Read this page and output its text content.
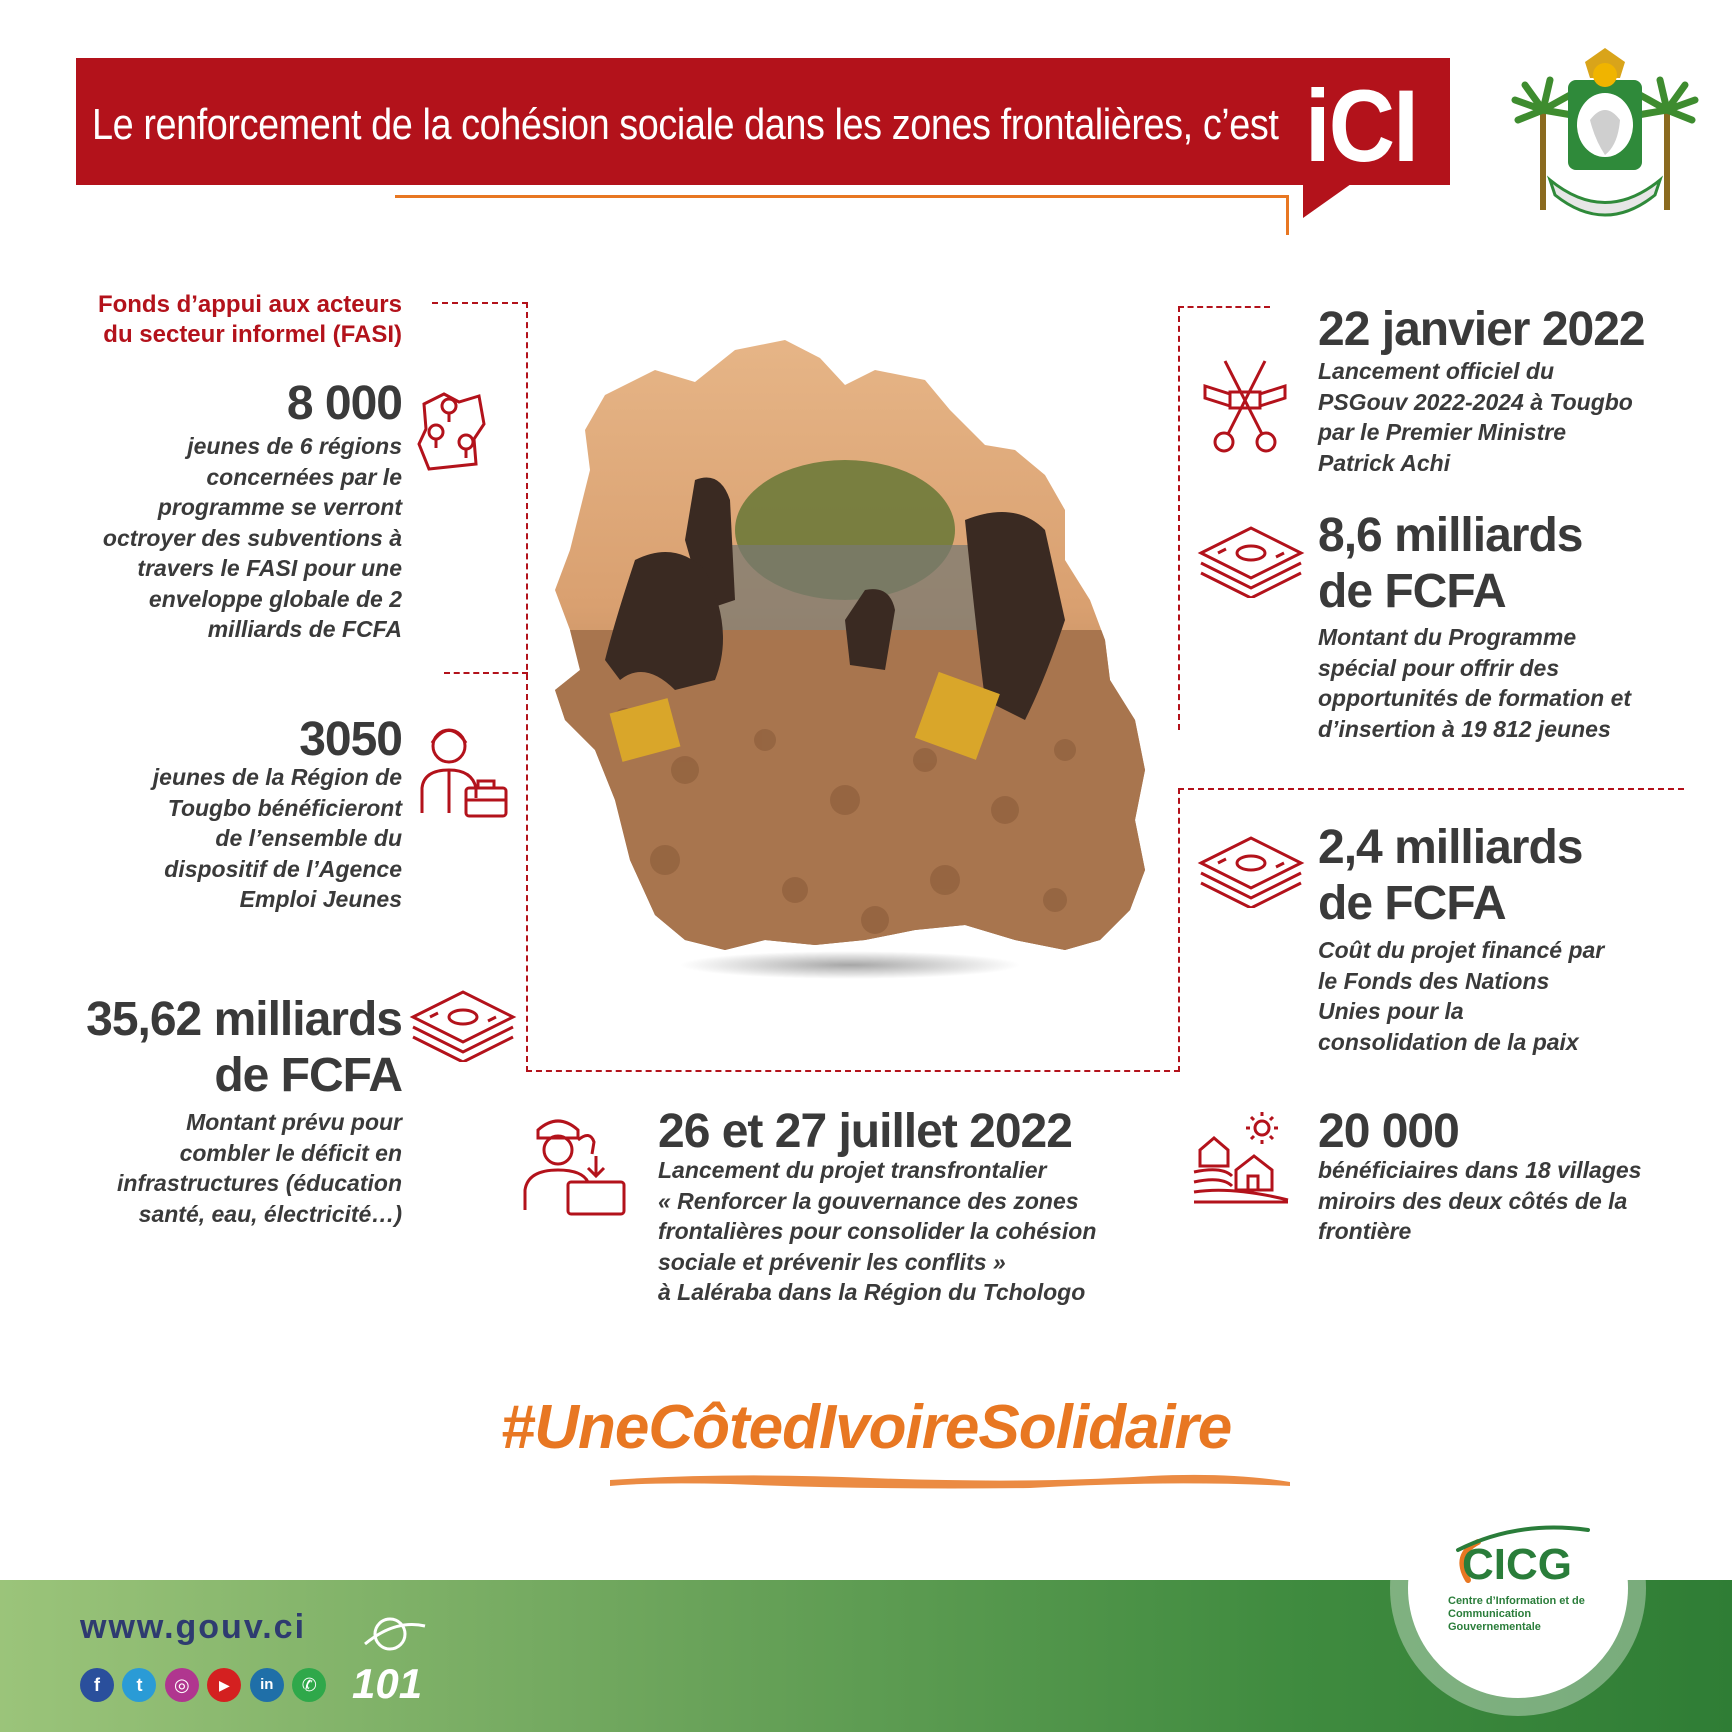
Le renforcement de la cohésion sociale dans les zones frontalières, c’est iCI
Fonds d’appui aux acteurs
du secteur informel (FASI)
8 000
jeunes de 6 régions
concernées par le
programme se verront
octroyer des subventions à
travers le FASI pour une
enveloppe globale de 2
milliards de FCFA
3050
jeunes de la Région de
Tougbo bénéficieront
de l’ensemble du
dispositif de l’Agence
Emploi Jeunes
35,62 milliards
de FCFA
Montant prévu pour
combler le déficit en
infrastructures (éducation
santé, eau, électricité…)
26 et 27 juillet 2022
Lancement du projet transfrontalier
« Renforcer la gouvernance des zones
frontalières pour consolider la cohésion
sociale et prévenir les conflits »
à Laléraba dans la Région du Tchologo
22 janvier 2022
Lancement officiel du
PSGouv 2022-2024 à Tougbo
par le Premier Ministre
Patrick Achi
8,6 milliards
de FCFA
Montant du Programme
spécial pour offrir des
opportunités de formation et
d’insertion à 19 812 jeunes
2,4 milliards
de FCFA
Coût du projet financé par
le Fonds des Nations
Unies pour la
consolidation de la paix
20 000
bénéficiaires dans 18 villages
miroirs des deux côtés de la
frontière
#UneCôtedIvoireSolidaire
www.gouv.ci
f t ◎ ▶ in ✆ 101
CICG
Centre d’Information et de Communication Gouvernementale
